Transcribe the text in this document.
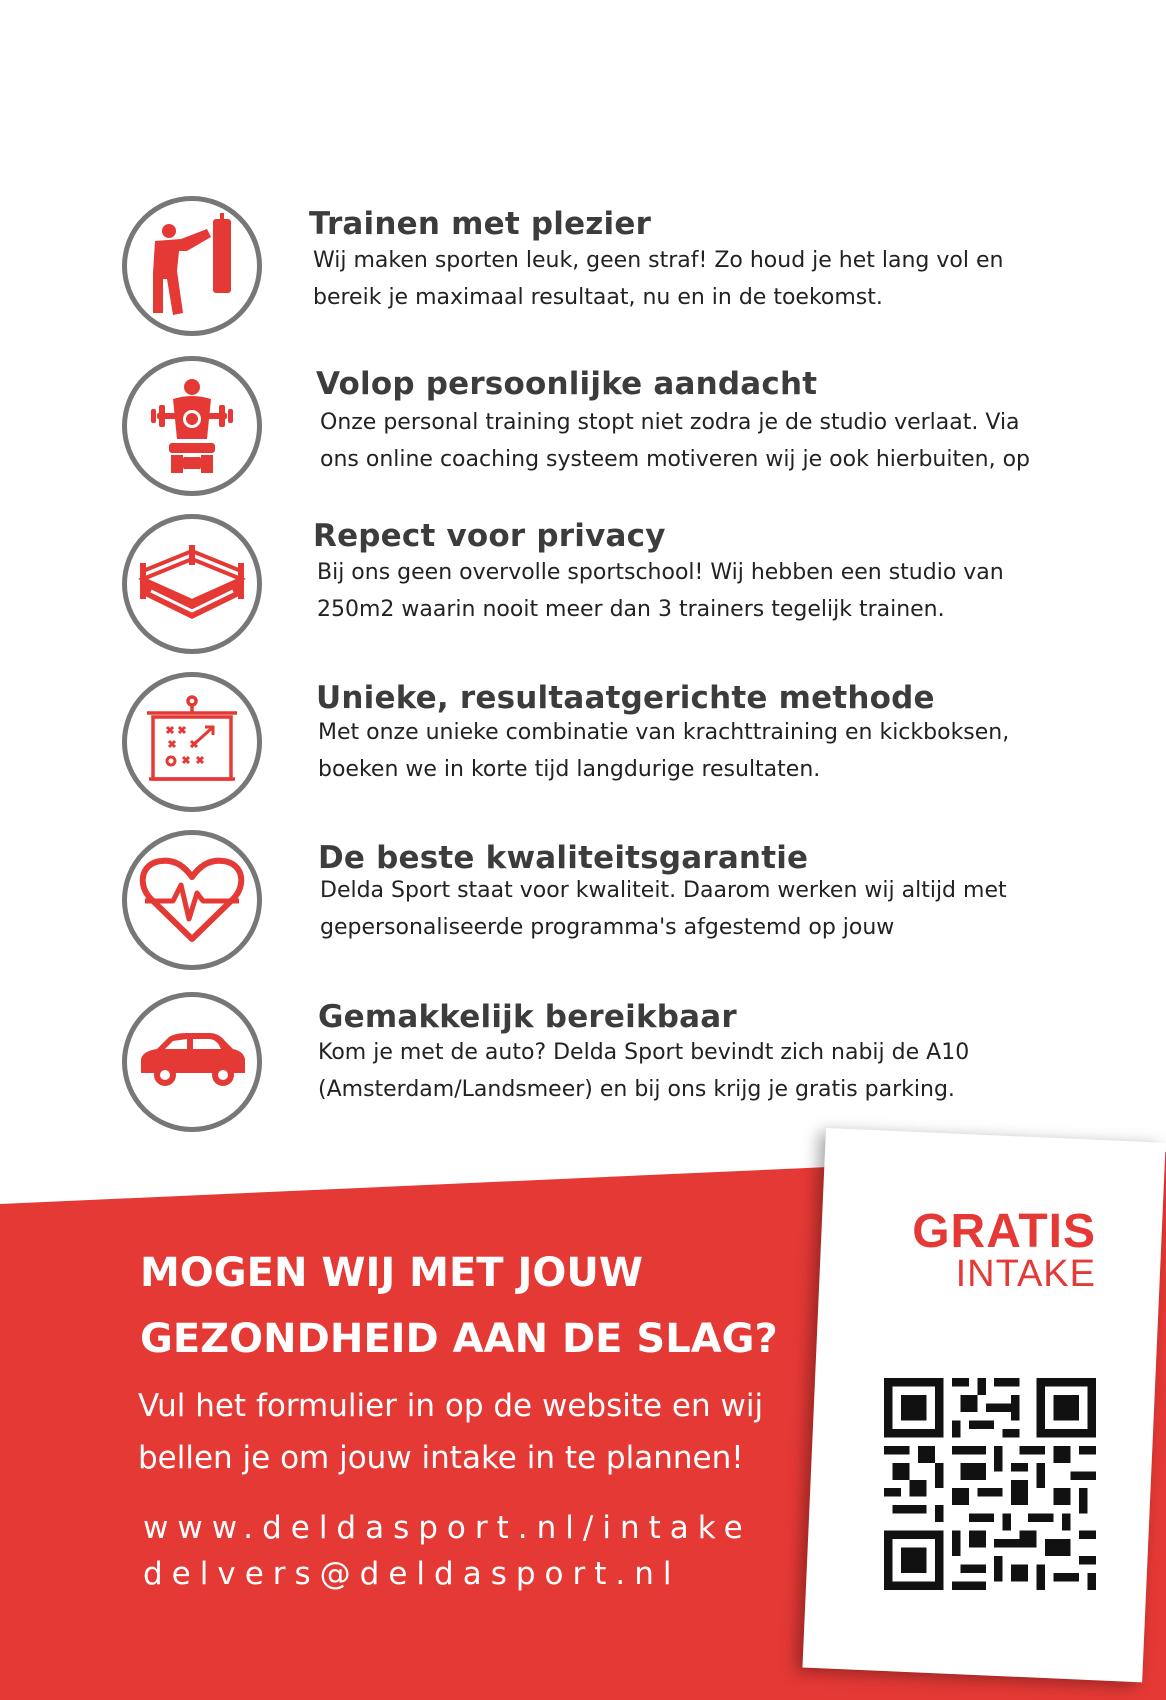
Trainen met plezier

Wij maken sporten leuk, geen straf! Zo houd je het lang vol en
bereik je maximaal resultaat, nu en in de toekomst.

Volop persoonlijke aandacht

Onze personal training stopt niet zodra je de studio verlaat. Via
ons online coaching systeem motiveren wij je ook hierbuiten, op

Repect voor privacy

Bij ons geen overvolle sportschool! Wij hebben een studio van
250m2 waarin nooit meer dan 3 trainers tegelijk trainen.

Unieke, resultaatgerichte methode

Met onze unieke combinatie van krachttraining en kickboksen,
boeken we in korte tijd langdurige resultaten.

De beste kwaliteitsgarantie

Delda Sport staat voor kwaliteit. Daarom werken wij altijd met
gepersonaliseerde programma's afgestemd op jouw

Gemakkelijk bereikbaar

Kom je met de auto? Delda Sport bevindt zich nabij de A10
(Amsterdam/Landsmeer) en bij ons krijg je gratis parking.

MOGEN WIJ MET JOUW
GEZONDHEID AAN DE SLAG?

Vul het formulier in op de website en wij
bellen je om jouw intake in te plannen!

www.deldasport.nl/intake

delvers@deldasport.nl

GRATIS
INTAKE
